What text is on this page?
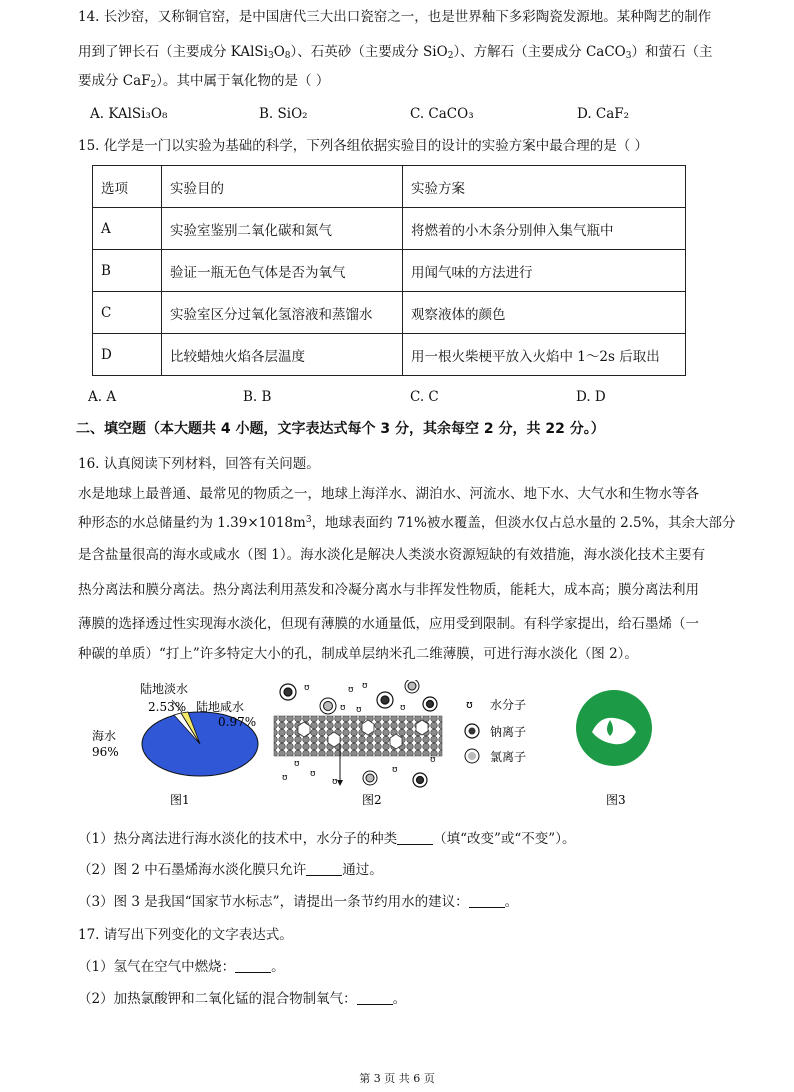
14. 长沙窑，又称铜官窑，是中国唐代三大出口瓷窑之一，也是世界釉下多彩陶瓷发源地。某种陶艺的制作
用到了钾长石（主要成分 $KAlSi_3O_8$）、石英砂（主要成分 SiO$_2$）、方解石（主要成分 CaCO$_3$）和萤石（主
要成分 CaF$_2$）。其中属于氧化物的是（ ）
A. KAlSi₃O₈	B. SiO₂	C. CaCO₃	D. CaF₂
15. 化学是一门以实验为基础的科学，下列各组依据实验目的设计的实验方案中最合理的是（ ）
选项	实验目的	实验方案
A	实验室鉴别二氧化碳和氮气	将燃着的小木条分别伸入集气瓶中
B	验证一瓶无色气体是否为氧气	用闻气味的方法进行
C	实验室区分过氧化氢溶液和蒸馏水	观察液体的颜色
D	比较蜡烛火焰各层温度	用一根火柴梗平放入火焰中 1～2s 后取出
A. A	B. B	C. C	D. D
二、填空题（本大题共 4 小题，文字表达式每个 3 分，其余每空 2 分，共 22 分。）
16. 认真阅读下列材料，回答有关问题。
水是地球上最普通、最常见的物质之一，地球上海洋水、湖泊水、河流水、地下水、大气水和生物水等各
种形态的水总储量约为 $1.39\times 1018m^3$，地球表面约 71%被水覆盖，但淡水仅占总水量的 2.5%，其余大部分
是含盐量很高的海水或咸水（图 1）。海水淡化是解决人类淡水资源短缺的有效措施，海水淡化技术主要有
热分离法和膜分离法。热分离法利用蒸发和冷凝分离水与非挥发性物质，能耗大，成本高；膜分离法利用
薄膜的选择透过性实现海水淡化，但现有薄膜的水通量低，应用受到限制。有科学家提出，给石墨烯（一
种碳的单质）“打上”许多特定大小的孔，制成单层纳米孔二维薄膜，可进行海水淡化（图 2）。
陆地淡水
2.53% 陆地咸水
0.97%
海水
96%
图1
ʊ	ʊ ʊ
ʊ	ʊ
ʊ
ʊ ʊ
ʊ
ʊ
ʊ
ʊ
图2
ʊ 水分子
钠离子
氯离子
图3
（1）热分离法进行海水淡化的技术中，水分子的种类	（填“改变”或“不变”）。
（2）图 2 中石墨烯海水淡化膜只允许	通过。
（3）图 3 是我国“国家节水标志”，请提出一条节约用水的建议：	。
17. 请写出下列变化的文字表达式。
（1）氢气在空气中燃烧：	。
（2）加热氯酸钾和二氧化锰的混合物制氧气：	。
第 3 页 共 6 页
